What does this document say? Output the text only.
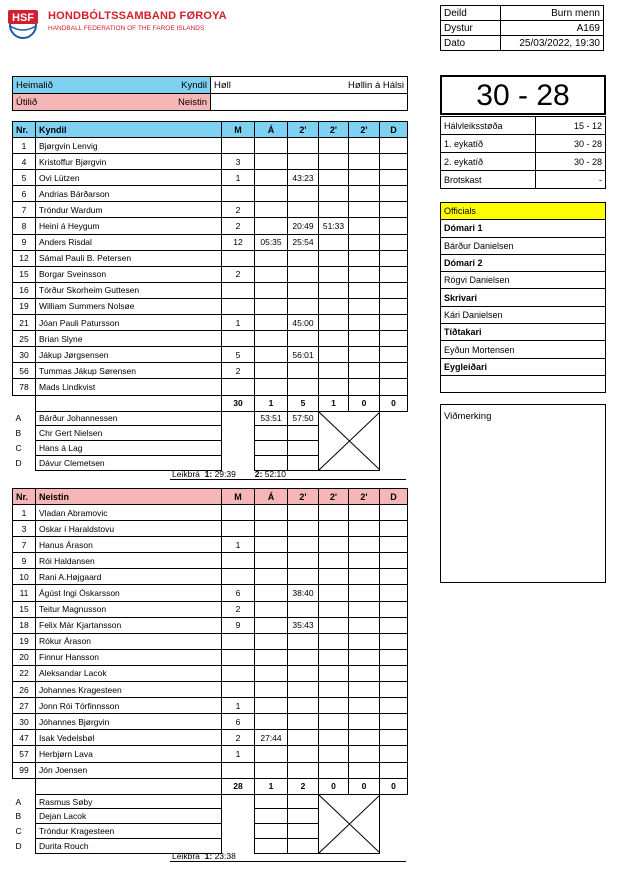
HSF HONDBÓLTSSAMBAND FØROYA
HANDBALL FEDERATION OF THE FAROE ISLANDS
Deild	Burn menn
Dystur	A169
Dato	25/03/2022, 19:30
Heimalið Kyndil	Høll Høllin á Hálsi

Útilið Neistin	

Nr.	Kyndil	M	Á	2'	2'	2'	D
1	Bjørgvin Lenvig						
4	Kristoffur Bjørgvin	3					
5	Ovi Lützen	1		43:23			
6	Andrias Bárðarson						
7	Tróndur Wardum	2					
8	Heini á Heygum	2		20:49	51:33		
9	Anders Risdal	12	05:35	25:54			
12	Sámal Pauli B. Petersen						
15	Borgar Sveinsson	2					
16	Tórður Skorheim Guttesen						
19	William Summers Nolsøe						
21	Jóan Pauli Patursson	1		45:00			
25	Brian Slyne						
30	Jákup Jørgsensen	5		56:01			
56	Tummas Jákup Sørensen	2					
78	Mads Lindkvist						
		30	1	5	1	0	0
A	Bárður Johannessen		53:51	57:50	

B	Chr Gert Nielsen						
C	Hans á Lag						
D	Dávur Clemetsen						
Leikbrá 1: 29:39 2: 52:10
Nr.	Neistin	M	Á	2'	2'	2'	D
1	Vladan Abramovic						
3	Oskar í Haraldstovu						
7	Hanus Árason	1					
9	Rói Haldansen						
10	Rani A.Højgaard						
11	Ágúst Ingi Óskarsson	6		38:40			
15	Teitur Magnusson	2					
18	Felix Már Kjartansson	9		35:43			
19	Rókur Árason						
20	Finnur Hansson						
22	Aleksandar Lacok						
26	Johannes Kragesteen						
27	Jonn Rói Tórfinnsson	1					
30	Jóhannes Bjørgvin	6					
47	Isak Vedelsbøl	2	27:44				
57	Herbjørn Lava	1					
99	Jón Joensen						
		28	1	2	0	0	0
A	Rasmus Søby				

B	Dejan Lacok						
C	Tróndur Kragesteen						
D	Durita Rouch						
Leikbrá 1: 23:38
30 - 28
Hálvleiksstøða	15 - 12
1. eykatíð	30 - 28
2. eykatíð	30 - 28
Brotskast	-
Officials
Dómari 1
Bárður Danielsen
Dómari 2
Rógvi Danielsen
Skrivari
Kári Danielsen
Tíðtakari
Eyðun Mortensen
Eygleiðari

Viðmerking
